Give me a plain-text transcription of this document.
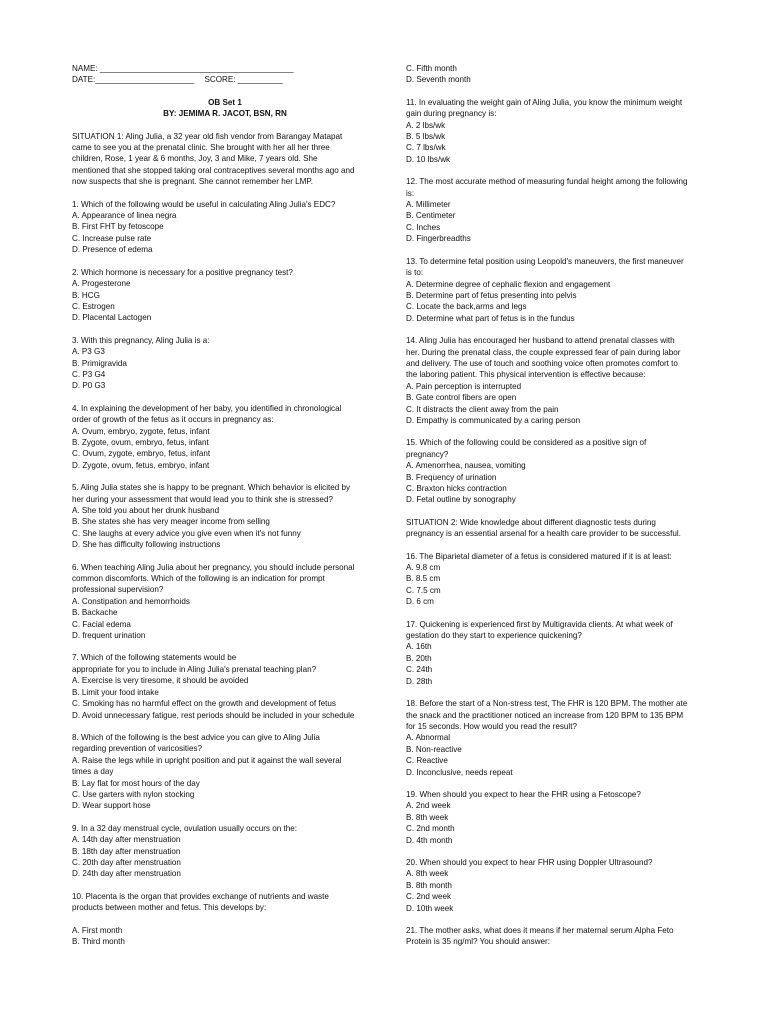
NAME: ___________________________________________
DATE:______________________ SCORE: __________
OB Set 1
BY: JEMIMA R. JACOT, BSN, RN
SITUATION 1: Aling Julia, a 32 year old fish vendor from Barangay Matapat
came to see you at the prenatal clinic. She brought with her all her three
children, Rose, 1 year & 6 months, Joy, 3 and Mike, 7 years old. She
mentioned that she stopped taking oral contraceptives several months ago and
now suspects that she is pregnant. She cannot remember her LMP.
1. Which of the following would be useful in calculating Aling Julia's EDC?
A. Appearance of linea negra
B. First FHT by fetoscope
C. Increase pulse rate
D. Presence of edema
2. Which hormone is necessary for a positive pregnancy test?
A. Progesterone
B. HCG
C. Estrogen
D. Placental Lactogen
3. With this pregnancy, Aling Julia is a:
A. P3 G3
B. Primigravida
C. P3 G4
D. P0 G3
4. In explaining the development of her baby, you identified in chronological
order of growth of the fetus as it occurs in pregnancy as:
A. Ovum, embryo, zygote, fetus, infant
B. Zygote, ovum, embryo, fetus, infant
C. Ovum, zygote, embryo, fetus, infant
D. Zygote, ovum, fetus, embryo, infant
5. Aling Julia states she is happy to be pregnant. Which behavior is elicited by
her during your assessment that would lead you to think she is stressed?
A. She told you about her drunk husband
B. She states she has very meager income from selling
C. She laughs at every advice you give even when it's not funny
D. She has difficulty following instructions
6. When teaching Aling Julia about her pregnancy, you should include personal
common discomforts. Which of the following is an indication for prompt
professional supervision?
A. Constipation and hemorrhoids
B. Backache
C. Facial edema
D. frequent urination
7. Which of the following statements would be
appropriate for you to include in Aling Julia's prenatal teaching plan?
A. Exercise is very tiresome, it should be avoided
B. Limit your food intake
C. Smoking has no harmful effect on the growth and development of fetus
D. Avoid unnecessary fatigue, rest periods should be included in your schedule
8. Which of the following is the best advice you can give to Aling Julia
regarding prevention of varicosities?
A. Raise the legs while in upright position and put it against the wall several
times a day
B. Lay flat for most hours of the day
C. Use garters with nylon stocking
D. Wear support hose
9. In a 32 day menstrual cycle, ovulation usually occurs on the:
A. 14th day after menstruation
B. 18th day after menstruation
C. 20th day after menstruation
D. 24th day after menstruation
10. Placenta is the organ that provides exchange of nutrients and waste
products between mother and fetus. This develops by:
A. First month
B. Third month
C. Fifth month
D. Seventh month
11. In evaluating the weight gain of Aling Julia, you know the minimum weight
gain during pregnancy is:
A. 2 lbs/wk
B. 5 lbs/wk
C. 7 lbs/wk
D. 10 lbs/wk
12. The most accurate method of measuring fundal height among the following
is:
A. Millimeter
B. Centimeter
C. Inches
D. Fingerbreadths
13. To determine fetal position using Leopold's maneuvers, the first maneuver
is to:
A. Determine degree of cephalic flexion and engagement
B. Determine part of fetus presenting into pelvis
C. Locate the back,arms and legs
D. Determine what part of fetus is in the fundus
14. Aling Julia has encouraged her husband to attend prenatal classes with
her. During the prenatal class, the couple expressed fear of pain during labor
and delivery. The use of touch and soothing voice often promotes comfort to
the laboring patient. This physical intervention is effective because:
A. Pain perception is interrupted
B. Gate control fibers are open
C. It distracts the client away from the pain
D. Empathy is communicated by a caring person
15. Which of the following could be considered as a positive sign of
pregnancy?
A. Amenorrhea, nausea, vomiting
B. Frequency of urination
C. Braxton hicks contraction
D. Fetal outline by sonography
SITUATION 2: Wide knowledge about different diagnostic tests during
pregnancy is an essential arsenal for a health care provider to be successful.
16. The Biparietal diameter of a fetus is considered matured if it is at least:
A. 9.8 cm
B. 8.5 cm
C. 7.5 cm
D. 6 cm
17. Quickening is experienced first by Multigravida clients. At what week of
gestation do they start to experience quickening?
A. 16th
B. 20th
C. 24th
D. 28th
18. Before the start of a Non-stress test, The FHR is 120 BPM. The mother ate
the snack and the practitioner noticed an increase from 120 BPM to 135 BPM
for 15 seconds. How would you read the result?
A. Abnormal
B. Non-reactive
C. Reactive
D. Inconclusive, needs repeat
19. When should you expect to hear the FHR using a Fetoscope?
A. 2nd week
B. 8th week
C. 2nd month
D. 4th month
20. When should you expect to hear FHR using Doppler Ultrasound?
A. 8th week
B. 8th month
C. 2nd week
D. 10th week
21. The mother asks, what does it means if her maternal serum Alpha Feto
Protein is 35 ng/ml? You should answer:
